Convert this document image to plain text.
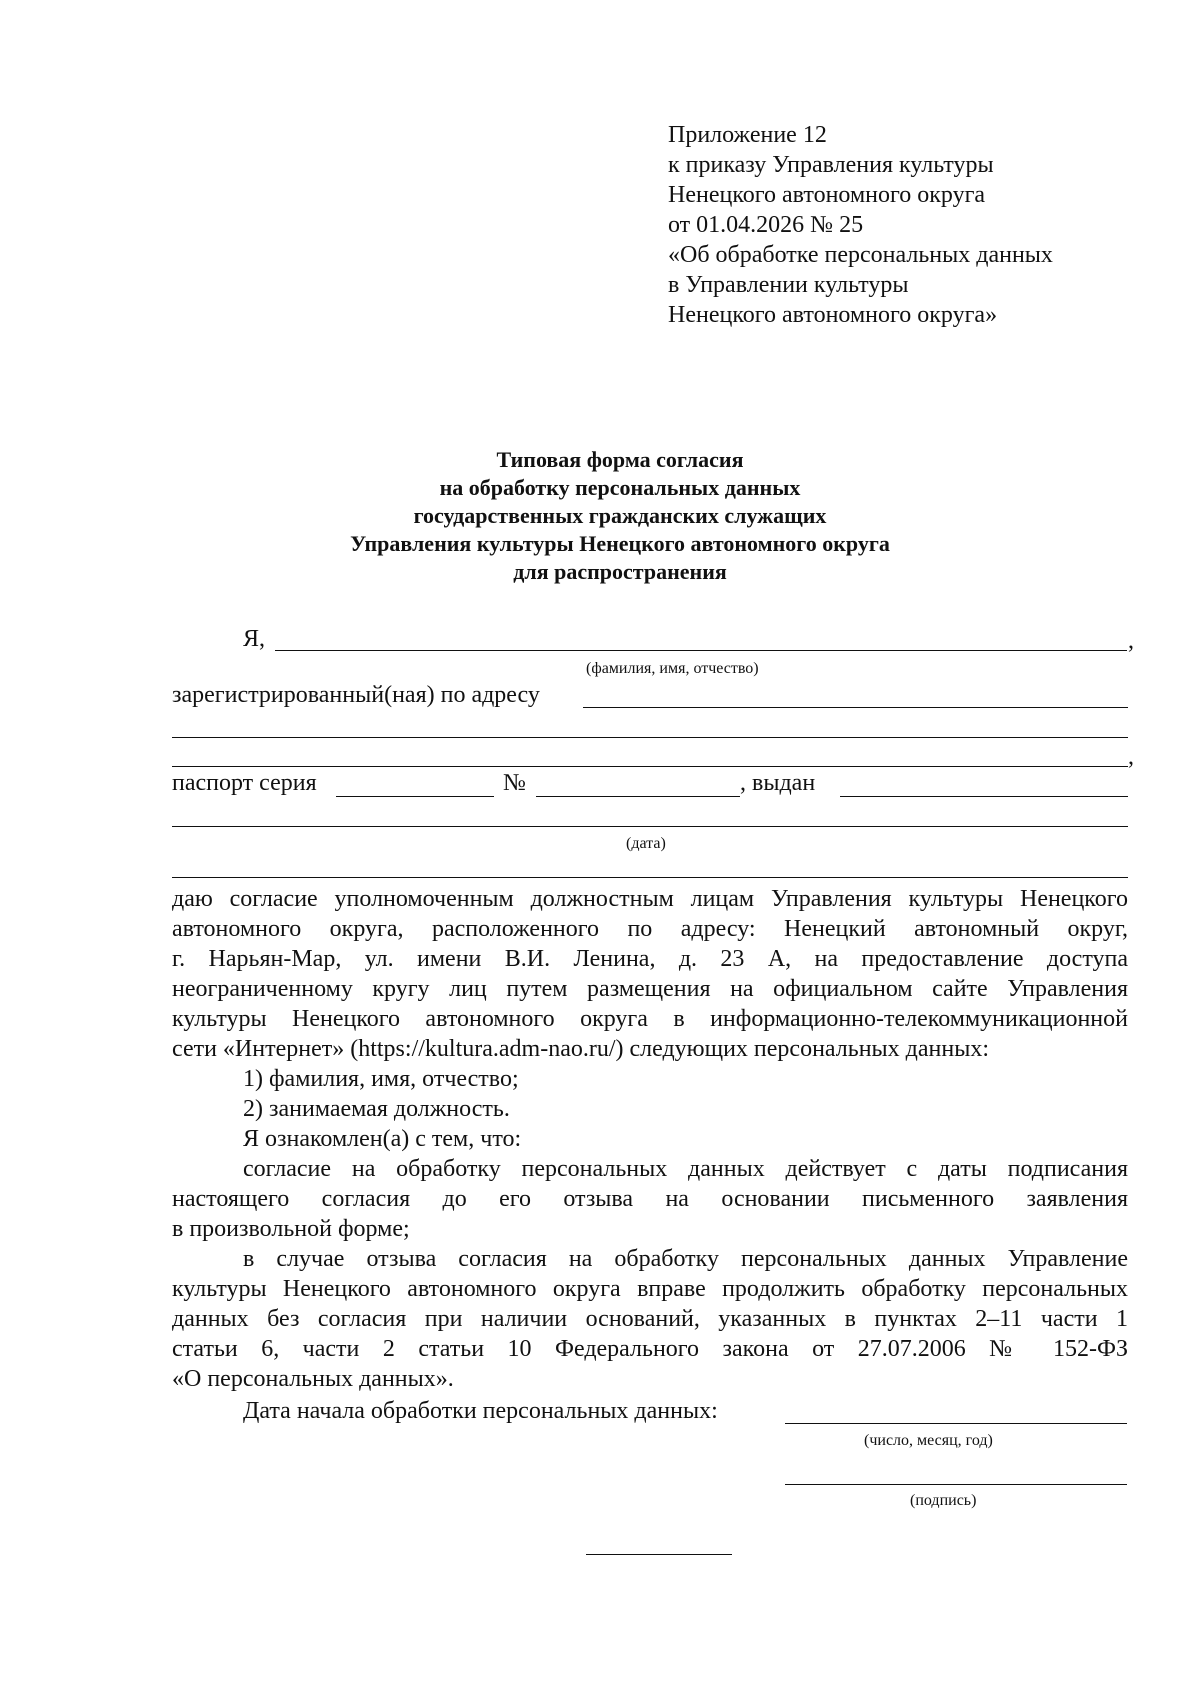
Приложение 12
к приказу Управления культуры
Ненецкого автономного округа
от 01.04.2026 № 25
«Об обработке персональных данных
в Управлении культуры
Ненецкого автономного округа»
Типовая форма согласия
на обработку персональных данных
государственных гражданских служащих
Управления культуры Ненецкого автономного округа
для распространения
Я,	,
(фамилия, имя, отчество)
зарегистрированный(ная) по адресу
,
паспорт серия	№	, выдан
(дата)
даю согласие уполномоченным должностным лицам Управления культуры Ненецкого
автономного округа, расположенного по адресу: Ненецкий автономный округ,
г. Нарьян-Мар, ул. имени В.И. Ленина, д. 23 А, на предоставление доступа
неограниченному кругу лиц путем размещения на официальном сайте Управления
культуры Ненецкого автономного округа в информационно-телекоммуникационной
сети «Интернет» (https://kultura.adm-nao.ru/) следующих персональных данных:
1) фамилия, имя, отчество;
2) занимаемая должность.
Я ознакомлен(а) с тем, что:
согласие на обработку персональных данных действует с даты подписания
настоящего согласия до его отзыва на основании письменного заявления
в произвольной форме;
в случае отзыва согласия на обработку персональных данных Управление
культуры Ненецкого автономного округа вправе продолжить обработку персональных
данных без согласия при наличии оснований, указанных в пунктах 2–11 части 1
статьи 6, части 2 статьи 10 Федерального закона от 27.07.2006 № 152-ФЗ
«О персональных данных».
Дата начала обработки персональных данных:
(число, месяц, год)
(подпись)
